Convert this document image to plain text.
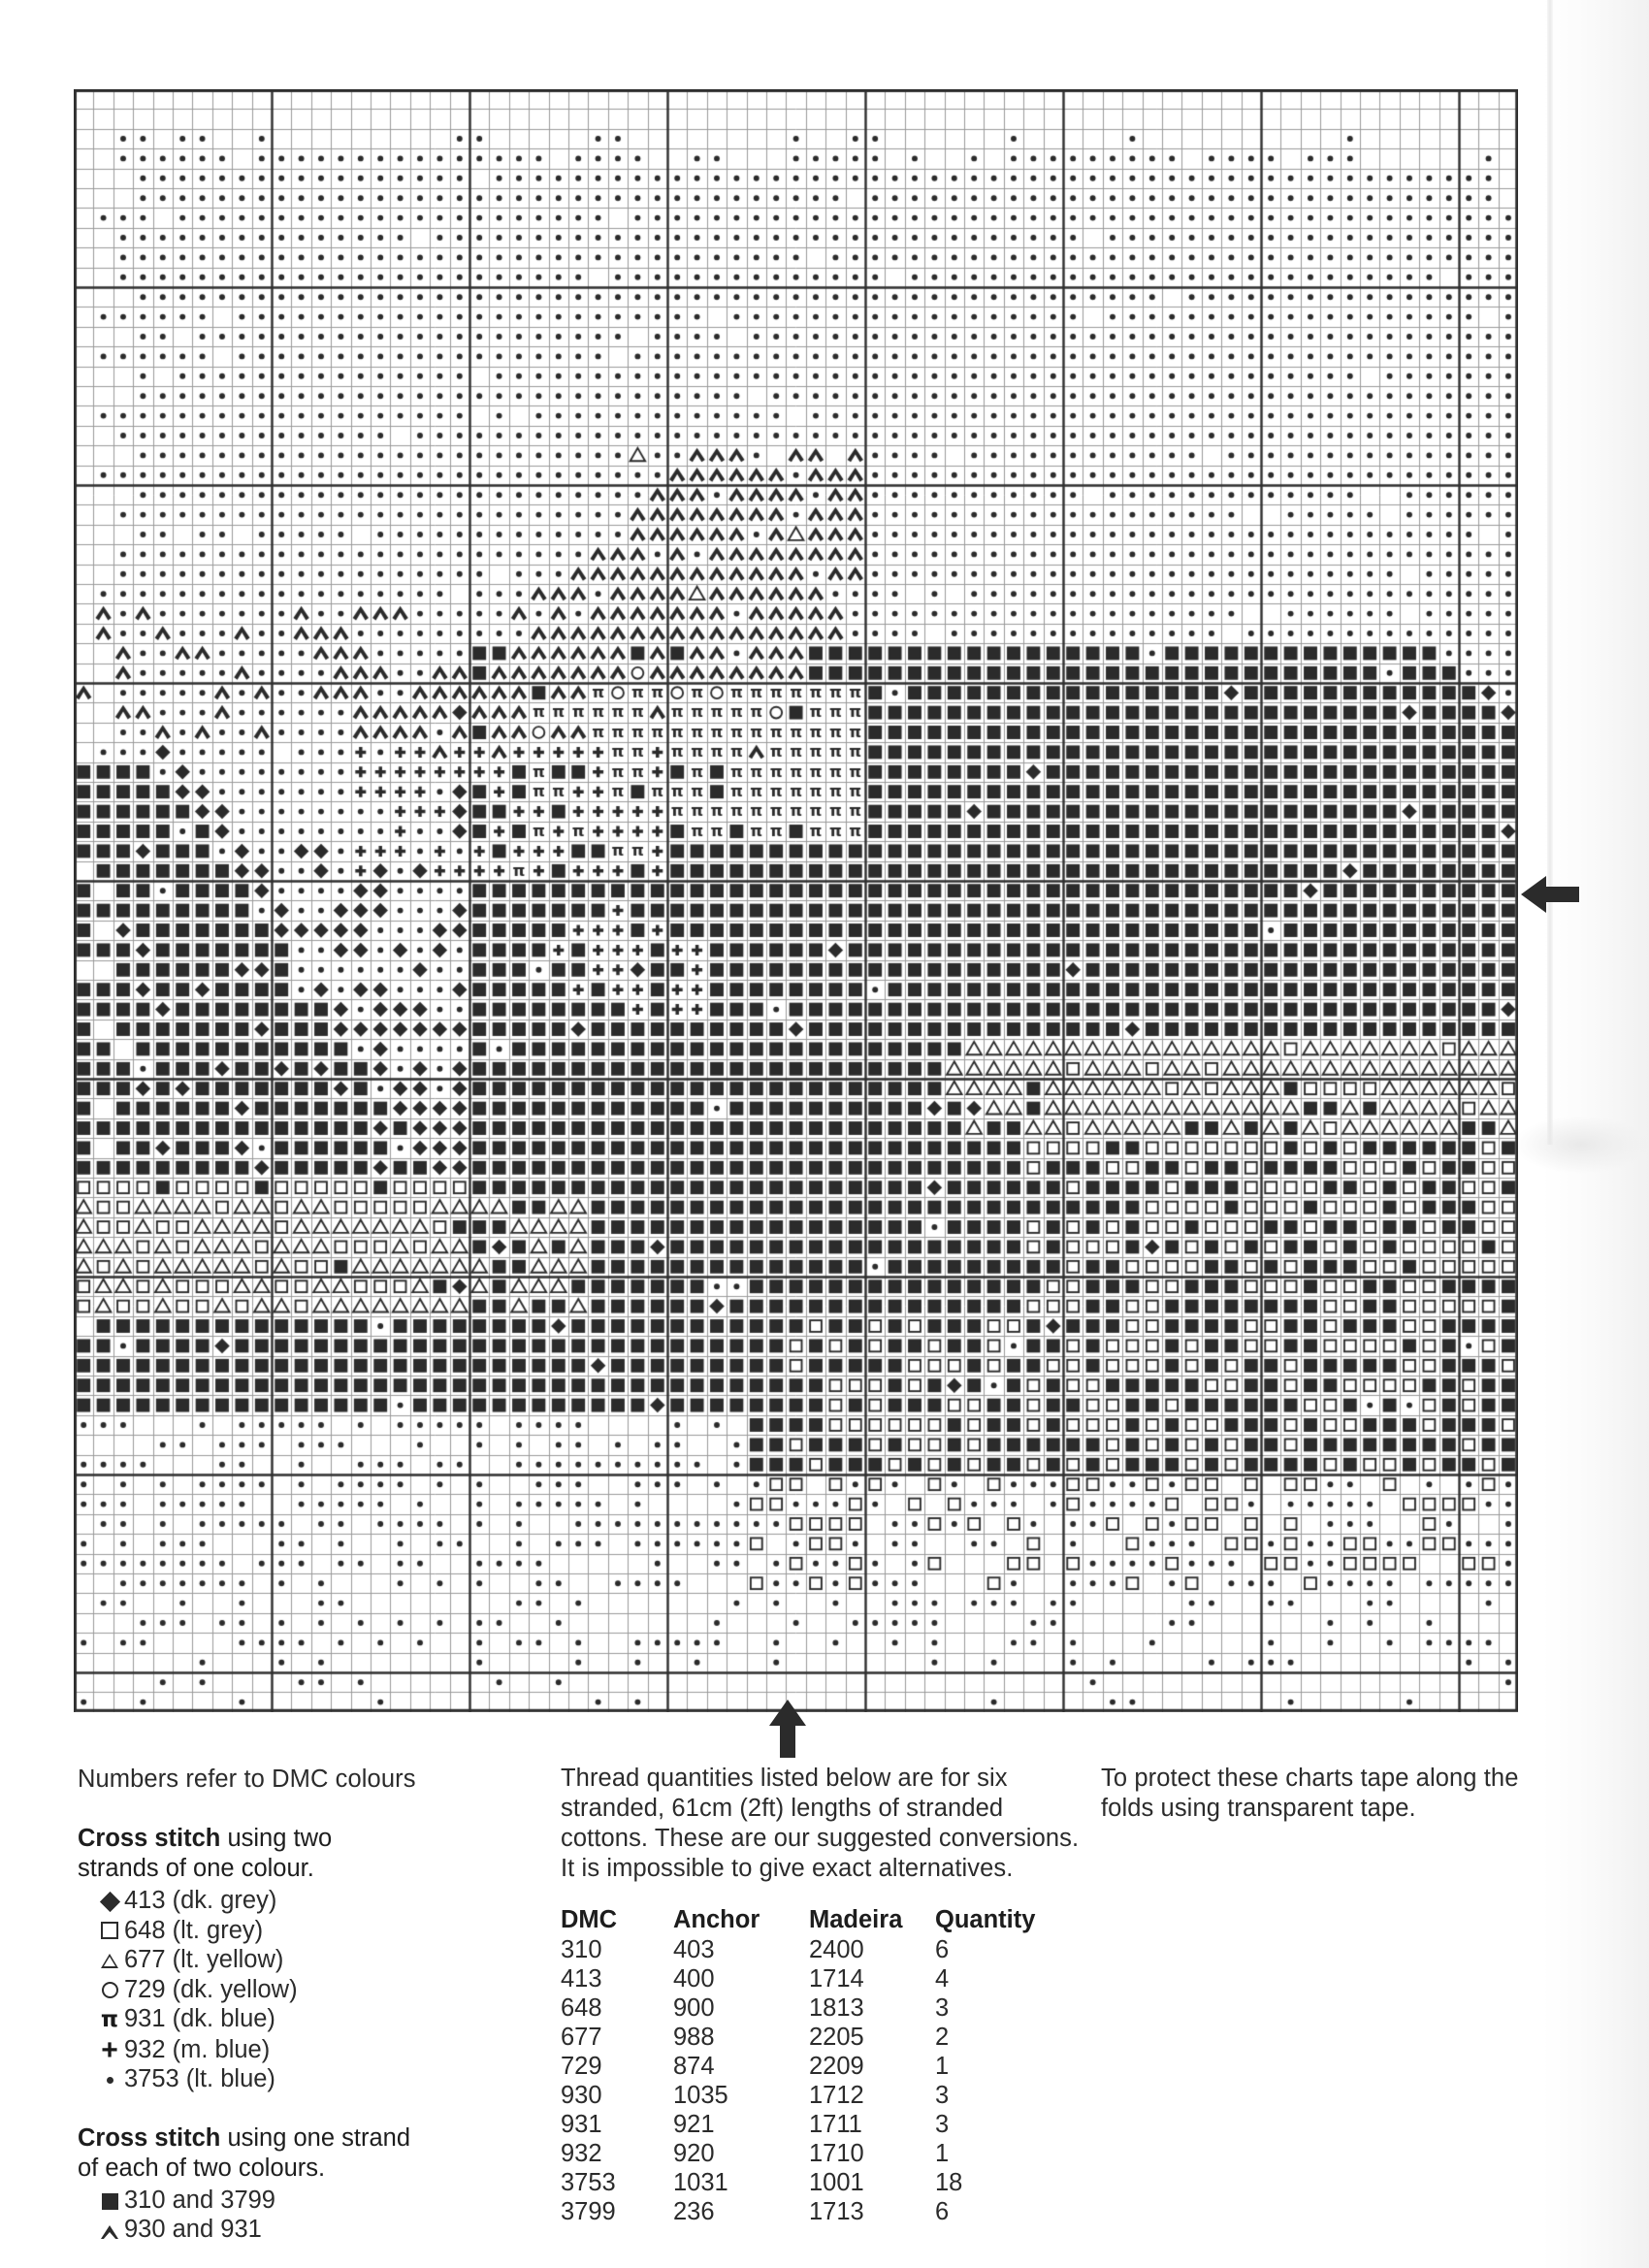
Numbers refer to DMC colours

Cross stitch using two
strands of one colour.

413 (dk. grey)
648 (lt. grey)
677 (lt. yellow)
729 (dk. yellow)
π 931 (dk. blue)
+ 932 (m. blue)
3753 (lt. blue)

Cross stitch using one strand
of each of two colours.

310 and 3799
930 and 931

Thread quantities listed below are for six stranded, 61cm (2ft) lengths of stranded cottons. These are our suggested conversions. It is impossible to give exact alternatives.

DMC	Anchor	Madeira	Quantity
310	403	2400	6
413	400	1714	4
648	900	1813	3
677	988	2205	2
729	874	2209	1
930	1035	1712	3
931	921	1711	3
932	920	1710	1
3753	1031	1001	18
3799	236	1713	6

To protect these charts tape along the folds using transparent tape.
